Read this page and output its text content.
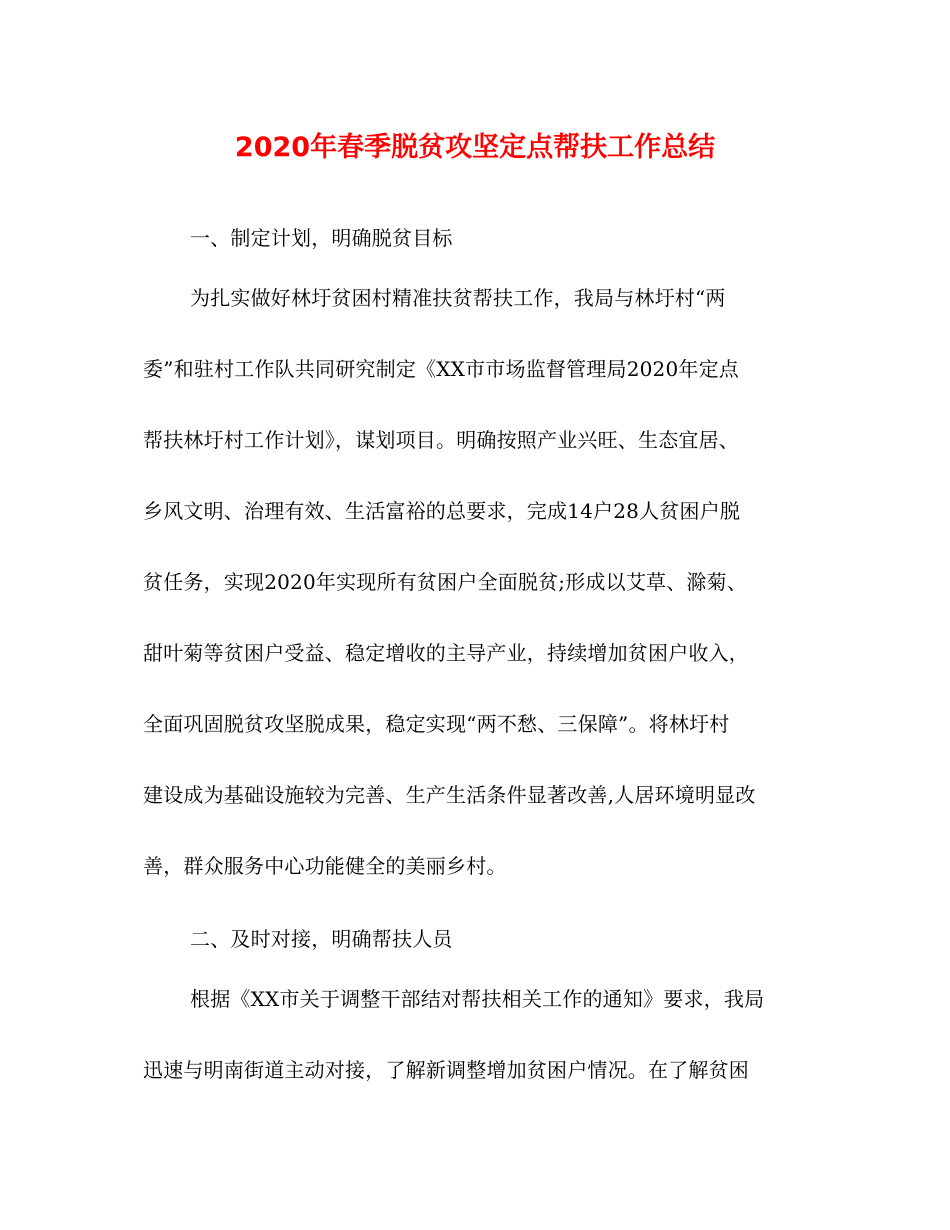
2020年春季脱贫攻坚定点帮扶工作总结
一、制定计划，明确脱贫目标
为扎实做好林圩贫困村精准扶贫帮扶工作，我局与林圩村“两
委”和驻村工作队共同研究制定《XX市市场监督管理局2020年定点
帮扶林圩村工作计划》，谋划项目。明确按照产业兴旺、生态宜居、
乡风文明、治理有效、生活富裕的总要求，完成14户28人贫困户脱
贫任务，实现2020年实现所有贫困户全面脱贫;形成以艾草、滁菊、
甜叶菊等贫困户受益、稳定增收的主导产业，持续增加贫困户收入，
全面巩固脱贫攻坚脱成果，稳定实现“两不愁、三保障”。将林圩村
建设成为基础设施较为完善、生产生活条件显著改善,人居环境明显改
善，群众服务中心功能健全的美丽乡村。
二、及时对接，明确帮扶人员
根据《XX市关于调整干部结对帮扶相关工作的通知》要求，我局
迅速与明南街道主动对接，了解新调整增加贫困户情况。在了解贫困
